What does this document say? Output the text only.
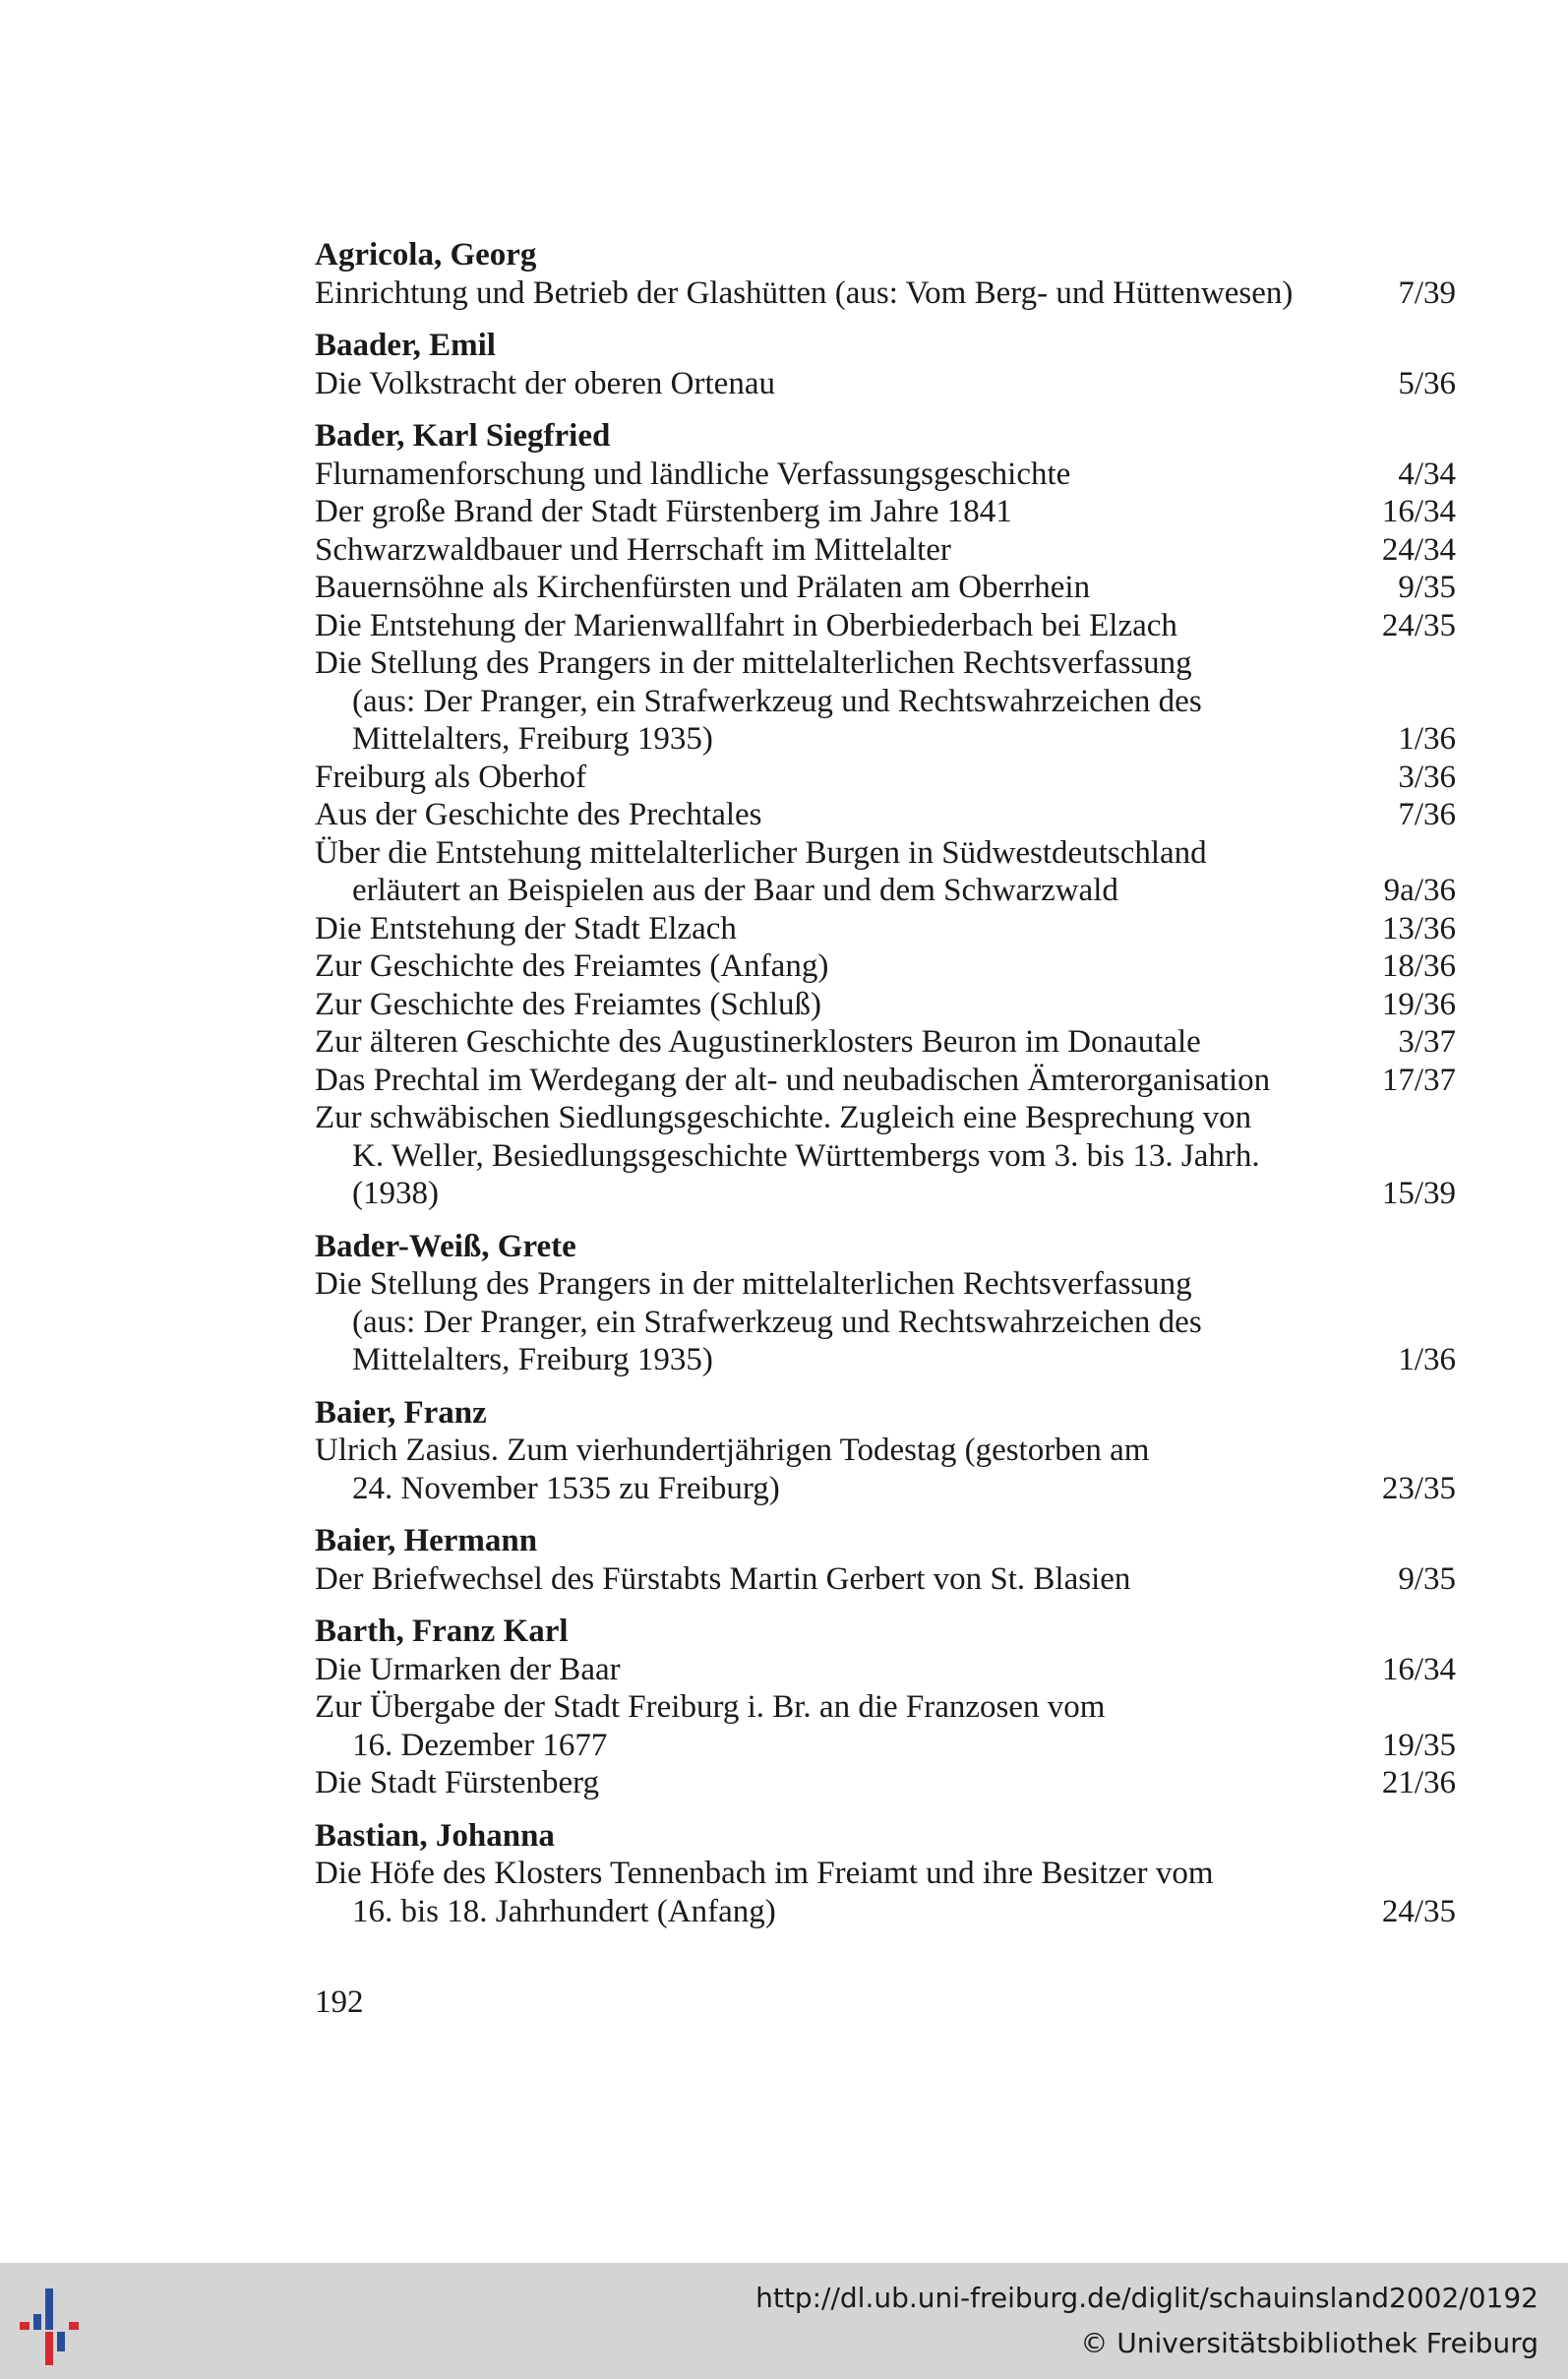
Agricola, Georg
Einrichtung und Betrieb der Glashütten (aus: Vom Berg- und Hüttenwesen)	7/39
Baader, Emil
Die Volkstracht der oberen Ortenau	5/36
Bader, Karl Siegfried
Flurnamenforschung und ländliche Verfassungsgeschichte	4/34
Der große Brand der Stadt Fürstenberg im Jahre 1841	16/34
Schwarzwaldbauer und Herrschaft im Mittelalter	24/34
Bauernsöhne als Kirchenfürsten und Prälaten am Oberrhein	9/35
Die Entstehung der Marienwallfahrt in Oberbiederbach bei Elzach	24/35
Die Stellung des Prangers in der mittelalterlichen Rechtsverfassung
(aus: Der Pranger, ein Strafwerkzeug und Rechtswahrzeichen des
Mittelalters, Freiburg 1935)	1/36
Freiburg als Oberhof	3/36
Aus der Geschichte des Prechtales	7/36
Über die Entstehung mittelalterlicher Burgen in Südwestdeutschland
erläutert an Beispielen aus der Baar und dem Schwarzwald	9a/36
Die Entstehung der Stadt Elzach	13/36
Zur Geschichte des Freiamtes (Anfang)	18/36
Zur Geschichte des Freiamtes (Schluß)	19/36
Zur älteren Geschichte des Augustinerklosters Beuron im Donautale	3/37
Das Prechtal im Werdegang der alt- und neubadischen Ämterorganisation	17/37
Zur schwäbischen Siedlungsgeschichte. Zugleich eine Besprechung von
K. Weller, Besiedlungsgeschichte Württembergs vom 3. bis 13. Jahrh.
(1938)	15/39
Bader-Weiß, Grete
Die Stellung des Prangers in der mittelalterlichen Rechtsverfassung
(aus: Der Pranger, ein Strafwerkzeug und Rechtswahrzeichen des
Mittelalters, Freiburg 1935)	1/36
Baier, Franz
Ulrich Zasius. Zum vierhundertjährigen Todestag (gestorben am
24. November 1535 zu Freiburg)	23/35
Baier, Hermann
Der Briefwechsel des Fürstabts Martin Gerbert von St. Blasien	9/35
Barth, Franz Karl
Die Urmarken der Baar	16/34
Zur Übergabe der Stadt Freiburg i. Br. an die Franzosen vom
16. Dezember 1677	19/35
Die Stadt Fürstenberg	21/36
Bastian, Johanna
Die Höfe des Klosters Tennenbach im Freiamt und ihre Besitzer vom
16. bis 18. Jahrhundert (Anfang)	24/35
192
http://dl.ub.uni-freiburg.de/diglit/schauinsland2002/0192
© Universitätsbibliothek Freiburg
